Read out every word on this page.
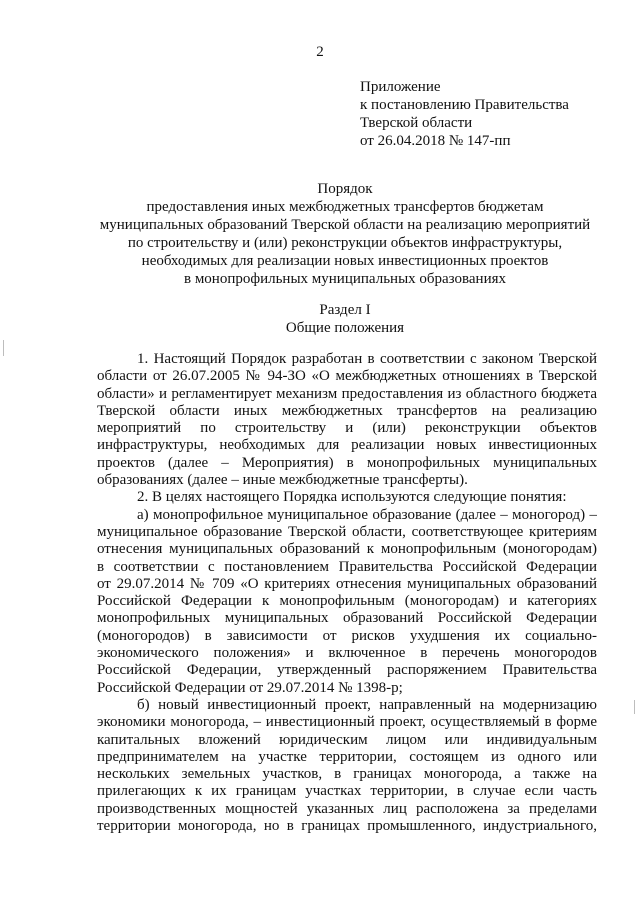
2
Приложение
к постановлению Правительства
Тверской области
от 26.04.2018 № 147-пп
Порядок
предоставления иных межбюджетных трансфертов бюджетам
муниципальных образований Тверской области на реализацию мероприятий
по строительству и (или) реконструкции объектов инфраструктуры,
необходимых для реализации новых инвестиционных проектов
в монопрофильных муниципальных образованиях
Раздел I
Общие положения
1. Настоящий Порядок разработан в соответствии с законом Тверской
области от 26.07.2005 № 94-ЗО «О межбюджетных отношениях в Тверской
области» и регламентирует механизм предоставления из областного бюджета
Тверской области иных межбюджетных трансфертов на реализацию
мероприятий по строительству и (или) реконструкции объектов
инфраструктуры, необходимых для реализации новых инвестиционных
проектов (далее – Мероприятия) в монопрофильных муниципальных
образованиях (далее – иные межбюджетные трансферты).
2. В целях настоящего Порядка используются следующие понятия:
а) монопрофильное муниципальное образование (далее – моногород) –
муниципальное образование Тверской области, соответствующее критериям
отнесения муниципальных образований к монопрофильным (моногородам)
в соответствии с постановлением Правительства Российской Федерации
от 29.07.2014 № 709 «О критериях отнесения муниципальных образований
Российской Федерации к монопрофильным (моногородам) и категориях
монопрофильных муниципальных образований Российской Федерации
(моногородов) в зависимости от рисков ухудшения их социально-
экономического положения» и включенное в перечень моногородов
Российской Федерации, утвержденный распоряжением Правительства
Российской Федерации от 29.07.2014 № 1398-р;
б) новый инвестиционный проект, направленный на модернизацию
экономики моногорода, – инвестиционный проект, осуществляемый в форме
капитальных вложений юридическим лицом или индивидуальным
предпринимателем на участке территории, состоящем из одного или
нескольких земельных участков, в границах моногорода, а также на
прилегающих к их границам участках территории, в случае если часть
производственных мощностей указанных лиц расположена за пределами
территории моногорода, но в границах промышленного, индустриального,
